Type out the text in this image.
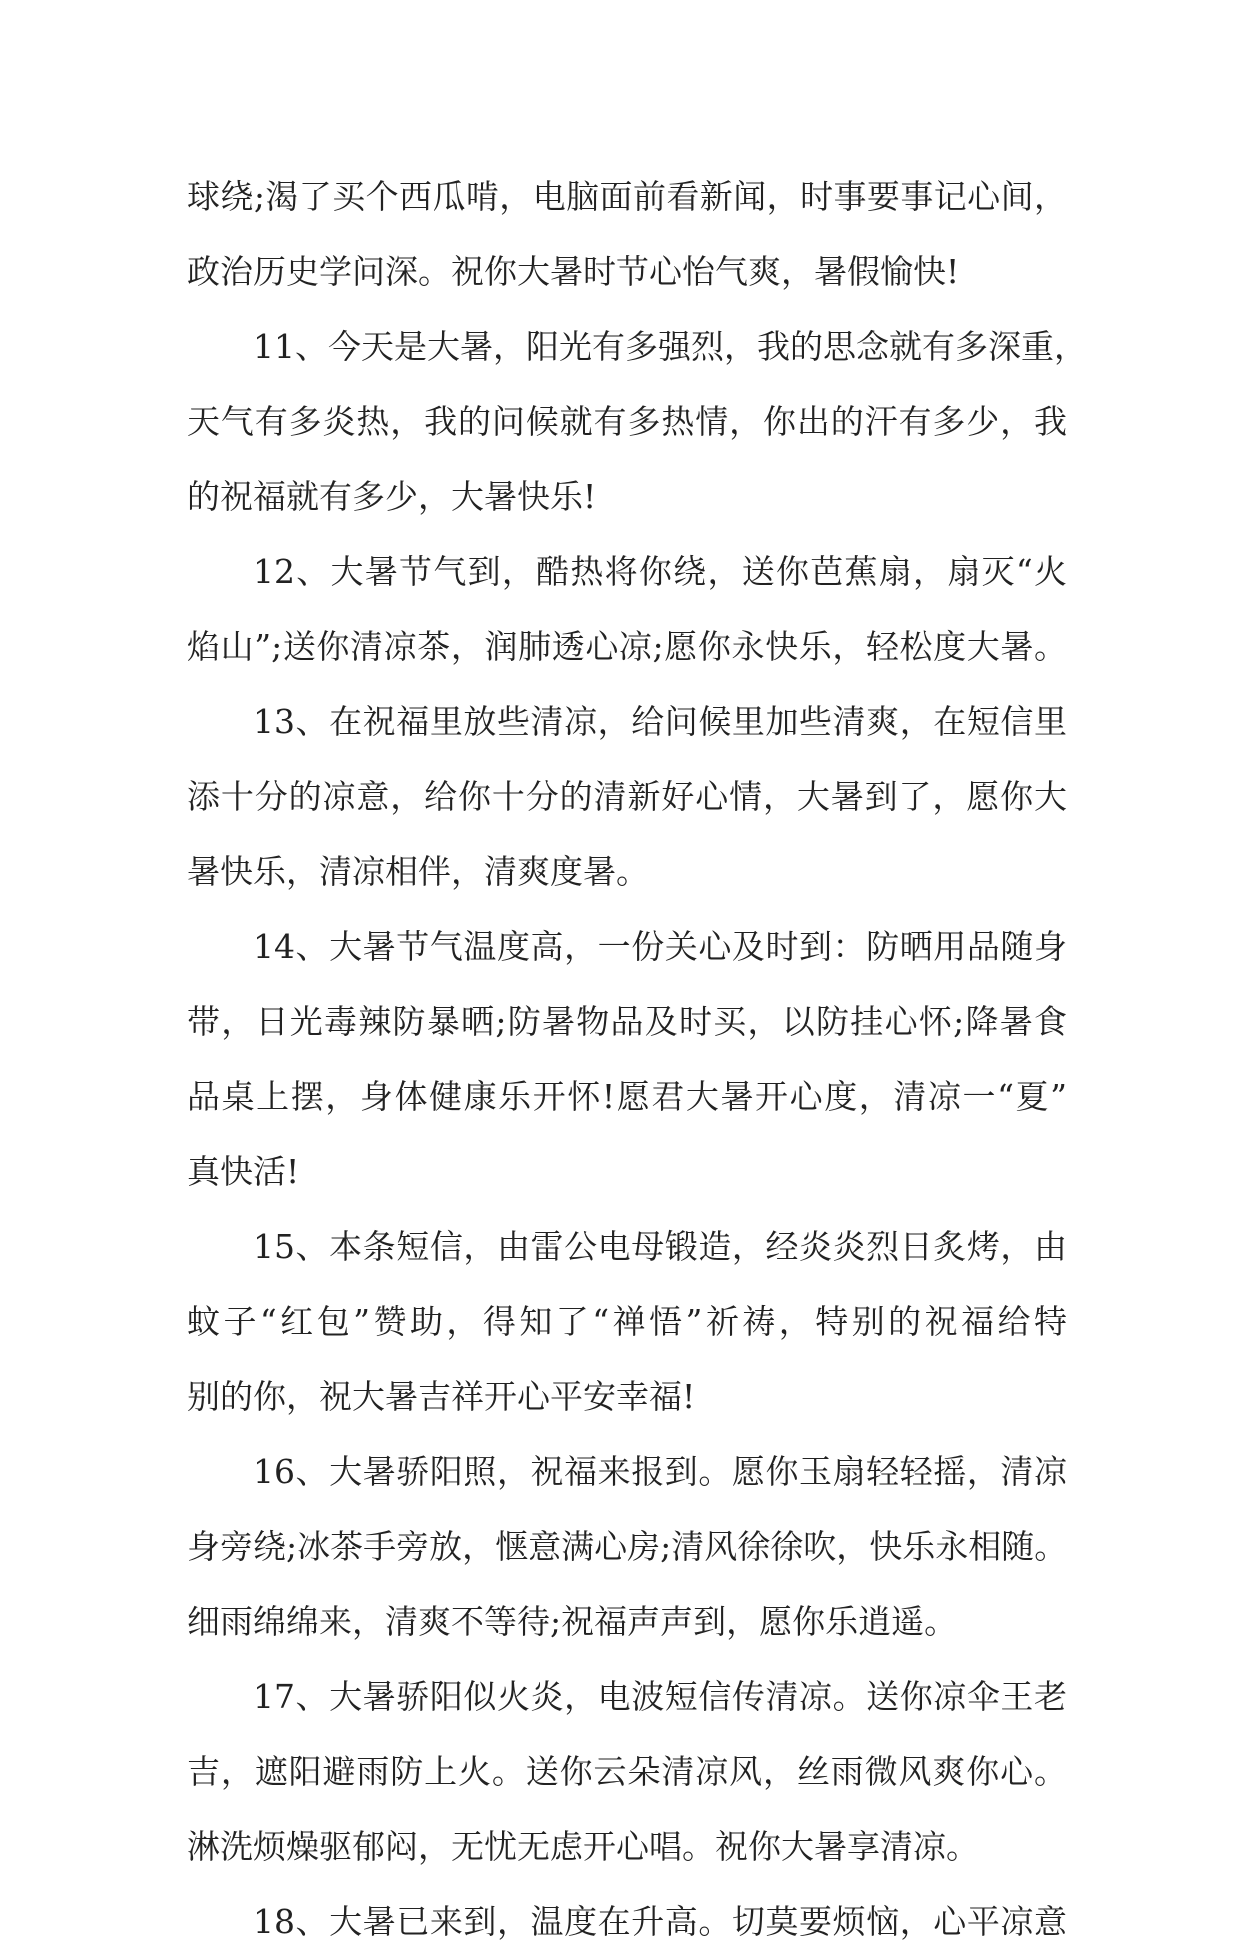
球绕;渴了买个西瓜啃，电脑面前看新闻，时事要事记心间，
政治历史学问深。祝你大暑时节心怡气爽，暑假愉快!
11、今天是大暑，阳光有多强烈，我的思念就有多深重，
天气有多炎热，我的问候就有多热情，你出的汗有多少，我
的祝福就有多少，大暑快乐!
12、大暑节气到，酷热将你绕，送你芭蕉扇，扇灭“火
焰山”;送你清凉茶，润肺透心凉;愿你永快乐，轻松度大暑。
13、在祝福里放些清凉，给问候里加些清爽，在短信里
添十分的凉意，给你十分的清新好心情，大暑到了，愿你大
暑快乐，清凉相伴，清爽度暑。
14、大暑节气温度高，一份关心及时到：防晒用品随身
带，日光毒辣防暴晒;防暑物品及时买，以防挂心怀;降暑食
品桌上摆，身体健康乐开怀!愿君大暑开心度，清凉一“夏”
真快活!
15、本条短信，由雷公电母锻造，经炎炎烈日炙烤，由
蚊子“红包”赞助，得知了“禅悟”祈祷，特别的祝福给特
别的你，祝大暑吉祥开心平安幸福!
16、大暑骄阳照，祝福来报到。愿你玉扇轻轻摇，清凉
身旁绕;冰茶手旁放，惬意满心房;清风徐徐吹，快乐永相随。
细雨绵绵来，清爽不等待;祝福声声到，愿你乐逍遥。
17、大暑骄阳似火炎，电波短信传清凉。送你凉伞王老
吉，遮阳避雨防上火。送你云朵清凉风，丝雨微风爽你心。
淋洗烦燥驱郁闷，无忧无虑开心唱。祝你大暑享清凉。
18、大暑已来到，温度在升高。切莫要烦恼，心平凉意
